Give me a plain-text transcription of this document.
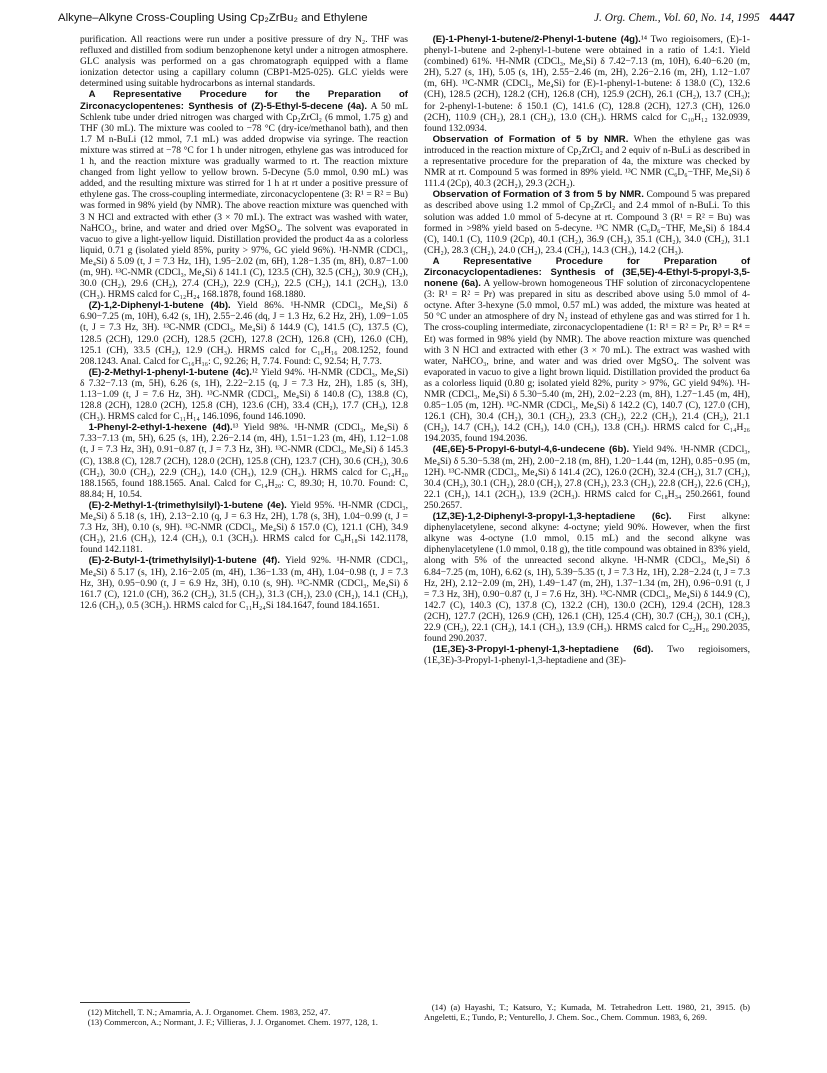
Alkyne–Alkyne Cross-Coupling Using Cp₂ZrBu₂ and Ethylene	J. Org. Chem., Vol. 60, No. 14, 1995 4447

purification. All reactions were run under a positive pressure of dry N₂. THF was refluxed and distilled from sodium benzophenone ketyl under a nitrogen atmosphere. GLC analysis was performed on a gas chromatograph equipped with a flame ionization detector using a capillary column (CBP1-M25-025). GLC yields were determined using suitable hydrocarbons as internal standards.

A Representative Procedure for the Preparation of Zirconacyclopentenes: Synthesis of (Z)-5-Ethyl-5-decene (4a). A 50 mL Schlenk tube under dried nitrogen was charged with Cp₂ZrCl₂ (6 mmol, 1.75 g) and THF (30 mL). The mixture was cooled to −78 °C (dry-ice/methanol bath), and then 1.7 M n-BuLi (12 mmol, 7.1 mL) was added dropwise via syringe. The reaction mixture was stirred at −78 °C for 1 h under nitrogen, ethylene gas was introduced for 1 h, and the reaction mixture was gradually warmed to rt. The reaction mixture changed from light yellow to yellow brown. 5-Decyne (5.0 mmol, 0.90 mL) was added, and the resulting mixture was stirred for 1 h at rt under a positive pressure of ethylene gas. The cross-coupling intermediate, zirconacyclopentene (3: R¹ = R² = Bu) was formed in 98% yield (by NMR). The above reaction mixture was quenched with 3 N HCl and extracted with ether (3 × 70 mL). The extract was washed with water, NaHCO₃, brine, and water and dried over MgSO₄. The solvent was evaporated in vacuo to give a light-yellow liquid. Distillation provided the product 4a as a colorless liquid, 0.71 g (isolated yield 85%, purity > 97%, GC yield 96%). ¹H-NMR (CDCl₃, Me₄Si) δ 5.09 (t, J = 7.3 Hz, 1H), 1.95−2.02 (m, 6H), 1.28−1.35 (m, 8H), 0.87−1.00 (m, 9H). ¹³C-NMR (CDCl₃, Me₄Si) δ 141.1 (C), 123.5 (CH), 32.5 (CH₂), 30.9 (CH₂), 30.0 (CH₂), 29.6 (CH₂), 27.4 (CH₂), 22.9 (CH₂), 22.5 (CH₂), 14.1 (2CH₃), 13.0 (CH₃). HRMS calcd for C₁₂H₂₄ 168.1878, found 168.1880.

(Z)-1,2-Diphenyl-1-butene (4b). Yield 86%. ¹H-NMR (CDCl₃, Me₄Si) δ 6.90−7.25 (m, 10H), 6.42 (s, 1H), 2.55−2.46 (dq, J = 1.3 Hz, 6.2 Hz, 2H), 1.09−1.05 (t, J = 7.3 Hz, 3H). ¹³C-NMR (CDCl₃, Me₄Si) δ 144.9 (C), 141.5 (C), 137.5 (C), 128.5 (2CH), 129.0 (2CH), 128.5 (2CH), 127.8 (2CH), 126.8 (CH), 126.0 (CH), 125.1 (CH), 33.5 (CH₂), 12.9 (CH₃). HRMS calcd for C₁₆H₁₆ 208.1252, found 208.1243. Anal. Calcd for C₁₆H₁₆: C, 92.26; H, 7.74. Found: C, 92.54; H, 7.73.

(E)-2-Methyl-1-phenyl-1-butene (4c).¹² Yield 94%. ¹H-NMR (CDCl₃, Me₄Si) δ 7.32−7.13 (m, 5H), 6.26 (s, 1H), 2.22−2.15 (q, J = 7.3 Hz, 2H), 1.85 (s, 3H), 1.13−1.09 (t, J = 7.6 Hz, 3H). ¹³C-NMR (CDCl₃, Me₄Si) δ 140.8 (C), 138.8 (C), 128.8 (2CH), 128.0 (2CH), 125.8 (CH), 123.6 (CH), 33.4 (CH₂), 17.7 (CH₃), 12.8 (CH₃). HRMS calcd for C₁₁H₁₄ 146.1096, found 146.1090.

1-Phenyl-2-ethyl-1-hexene (4d).¹³ Yield 98%. ¹H-NMR (CDCl₃, Me₄Si) δ 7.33−7.13 (m, 5H), 6.25 (s, 1H), 2.26−2.14 (m, 4H), 1.51−1.23 (m, 4H), 1.12−1.08 (t, J = 7.3 Hz, 3H), 0.91−0.87 (t, J = 7.3 Hz, 3H). ¹³C-NMR (CDCl₃, Me₄Si) δ 145.3 (C), 138.8 (C), 128.7 (2CH), 128.0 (2CH), 125.8 (CH), 123.7 (CH), 30.6 (CH₂), 30.6 (CH₂), 30.0 (CH₂), 22.9 (CH₂), 14.0 (CH₃), 12.9 (CH₃). HRMS calcd for C₁₄H₂₀ 188.1565, found 188.1565. Anal. Calcd for C₁₄H₂₀: C, 89.30; H, 10.70. Found: C, 88.84; H, 10.54.

(E)-2-Methyl-1-(trimethylsilyl)-1-butene (4e). Yield 95%. ¹H-NMR (CDCl₃, Me₄Si) δ 5.18 (s, 1H), 2.13−2.10 (q, J = 6.3 Hz, 2H), 1.78 (s, 3H), 1.04−0.99 (t, J = 7.3 Hz, 3H), 0.10 (s, 9H). ¹³C-NMR (CDCl₃, Me₄Si) δ 157.0 (C), 121.1 (CH), 34.9 (CH₂), 21.6 (CH₃), 12.4 (CH₃), 0.1 (3CH₃). HRMS calcd for C₈H₁₈Si 142.1178, found 142.1181.

(E)-2-Butyl-1-(trimethylsilyl)-1-butene (4f). Yield 92%. ¹H-NMR (CDCl₃, Me₄Si) δ 5.17 (s, 1H), 2.16−2.05 (m, 4H), 1.36−1.33 (m, 4H), 1.04−0.98 (t, J = 7.3 Hz, 3H), 0.95−0.90 (t, J = 6.9 Hz, 3H), 0.10 (s, 9H). ¹³C-NMR (CDCl₃, Me₄Si) δ 161.7 (C), 121.0 (CH), 36.2 (CH₂), 31.5 (CH₂), 31.3 (CH₂), 23.0 (CH₂), 14.1 (CH₃), 12.6 (CH₃), 0.5 (3CH₃). HRMS calcd for C₁₁H₂₄Si 184.1647, found 184.1651.

(E)-1-Phenyl-1-butene/2-Phenyl-1-butene (4g).¹⁴ Two regioisomers, (E)-1-phenyl-1-butene and 2-phenyl-1-butene were obtained in a ratio of 1.4:1. Yield (combined) 61%. ¹H-NMR (CDCl₃, Me₄Si) δ 7.42−7.13 (m, 10H), 6.40−6.20 (m, 2H), 5.27 (s, 1H), 5.05 (s, 1H), 2.55−2.46 (m, 2H), 2.26−2.16 (m, 2H), 1.12−1.07 (m, 6H). ¹³C-NMR (CDCl₃, Me₄Si) for (E)-1-phenyl-1-butene: δ 138.0 (C), 132.6 (CH), 128.5 (2CH), 128.2 (CH), 126.8 (CH), 125.9 (2CH), 26.1 (CH₂), 13.7 (CH₃); for 2-phenyl-1-butene: δ 150.1 (C), 141.6 (C), 128.8 (2CH), 127.3 (CH), 126.0 (2CH), 110.9 (CH₂), 28.1 (CH₂), 13.0 (CH₃). HRMS calcd for C₁₀H₁₂ 132.0939, found 132.0934.

Observation of Formation of 5 by NMR. When the ethylene gas was introduced in the reaction mixture of Cp₂ZrCl₂ and 2 equiv of n-BuLi as described in a representative procedure for the preparation of 4a, the mixture was checked by NMR at rt. Compound 5 was formed in 89% yield. ¹³C NMR (C₆D₆−THF, Me₄Si) δ 111.4 (2Cp), 40.3 (2CH₂), 29.3 (2CH₂).

Observation of Formation of 3 from 5 by NMR. Compound 5 was prepared as described above using 1.2 mmol of Cp₂ZrCl₂ and 2.4 mmol of n-BuLi. To this solution was added 1.0 mmol of 5-decyne at rt. Compound 3 (R¹ = R² = Bu) was formed in >98% yield based on 5-decyne. ¹³C NMR (C₆D₆−THF, Me₄Si) δ 184.4 (C), 140.1 (C), 110.9 (2Cp), 40.1 (CH₂), 36.9 (CH₂), 35.1 (CH₂), 34.0 (CH₂), 31.1 (CH₂), 28.3 (CH₂), 24.0 (CH₂), 23.4 (CH₂), 14.3 (CH₃), 14.2 (CH₃).

A Representative Procedure for Preparation of Zirconacyclopentadienes: Synthesis of (3E,5E)-4-Ethyl-5-propyl-3,5-nonene (6a). A yellow-brown homogeneous THF solution of zirconacyclopentene (3: R¹ = R² = Pr) was prepared in situ as described above using 5.0 mmol of 4-octyne. After 3-hexyne (5.0 mmol, 0.57 mL) was added, the mixture was heated at 50 °C under an atmosphere of dry N₂ instead of ethylene gas and was stirred for 1 h. The cross-coupling intermediate, zirconacyclopentadiene (1: R¹ = R² = Pr, R³ = R⁴ = Et) was formed in 98% yield (by NMR). The above reaction mixture was quenched with 3 N HCl and extracted with ether (3 × 70 mL). The extract was washed with water, NaHCO₃, brine, and water and was dried over MgSO₄. The solvent was evaporated in vacuo to give a light brown liquid. Distillation provided the product 6a as a colorless liquid (0.80 g; isolated yield 82%, purity > 97%, GC yield 94%). ¹H-NMR (CDCl₃, Me₄Si) δ 5.30−5.40 (m, 2H), 2.02−2.23 (m, 8H), 1.27−1.45 (m, 4H), 0.85−1.05 (m, 12H). ¹³C-NMR (CDCl₃, Me₄Si) δ 142.2 (C), 140.7 (C), 127.0 (CH), 126.1 (CH), 30.4 (CH₂), 30.1 (CH₂), 23.3 (CH₂), 22.2 (CH₂), 21.4 (CH₂), 21.1 (CH₂), 14.7 (CH₃), 14.2 (CH₃), 14.0 (CH₃), 13.8 (CH₃). HRMS calcd for C₁₄H₂₆ 194.2035, found 194.2036.

(4E,6E)-5-Propyl-6-butyl-4,6-undecene (6b). Yield 94%. ¹H-NMR (CDCl₃, Me₄Si) δ 5.30−5.38 (m, 2H), 2.00−2.18 (m, 8H), 1.20−1.44 (m, 12H), 0.85−0.95 (m, 12H). ¹³C-NMR (CDCl₃, Me₄Si) δ 141.4 (2C), 126.0 (2CH), 32.4 (CH₂), 31.7 (CH₂), 30.4 (CH₂), 30.1 (CH₂), 28.0 (CH₂), 27.8 (CH₂), 23.3 (CH₂), 22.8 (CH₂), 22.6 (CH₂), 22.1 (CH₂), 14.1 (2CH₃), 13.9 (2CH₃). HRMS calcd for C₁₈H₃₄ 250.2661, found 250.2657.

(1Z,3E)-1,2-Diphenyl-3-propyl-1,3-heptadiene (6c). First alkyne: diphenylacetylene, second alkyne: 4-octyne; yield 90%. However, when the first alkyne was 4-octyne (1.0 mmol, 0.15 mL) and the second alkyne was diphenylacetylene (1.0 mmol, 0.18 g), the title compound was obtained in 83% yield, along with 5% of the unreacted second alkyne. ¹H-NMR (CDCl₃, Me₄Si) δ 6.84−7.25 (m, 10H), 6.62 (s, 1H), 5.39−5.35 (t, J = 7.3 Hz, 1H), 2.28−2.24 (t, J = 7.3 Hz, 2H), 2.12−2.09 (m, 2H), 1.49−1.47 (m, 2H), 1.37−1.34 (m, 2H), 0.96−0.91 (t, J = 7.3 Hz, 3H), 0.90−0.87 (t, J = 7.6 Hz, 3H). ¹³C-NMR (CDCl₃, Me₄Si) δ 144.9 (C), 142.7 (C), 140.3 (C), 137.8 (C), 132.2 (CH), 130.0 (2CH), 129.4 (2CH), 128.3 (2CH), 127.7 (2CH), 126.9 (CH), 126.1 (CH), 125.4 (CH), 30.7 (CH₂), 30.1 (CH₂), 22.9 (CH₂), 22.1 (CH₂), 14.1 (CH₃), 13.9 (CH₃). HRMS calcd for C₂₂H₂₆ 290.2035, found 290.2037.

(1E,3E)-3-Propyl-1-phenyl-1,3-heptadiene (6d). Two regioisomers, (1E,3E)-3-Propyl-1-phenyl-1,3-heptadiene and (3E)-

(12) Mitchell, T. N.; Amamria, A. J. Organomet. Chem. 1983, 252, 47.

(13) Commercon, A.; Normant, J. F.; Villieras, J. J. Organomet. Chem. 1977, 128, 1.

(14) (a) Hayashi, T.; Katsuro, Y.; Kumada, M. Tetrahedron Lett. 1980, 21, 3915. (b) Angeletti, E.; Tundo, P.; Venturello, J. Chem. Soc., Chem. Commun. 1983, 6, 269.
